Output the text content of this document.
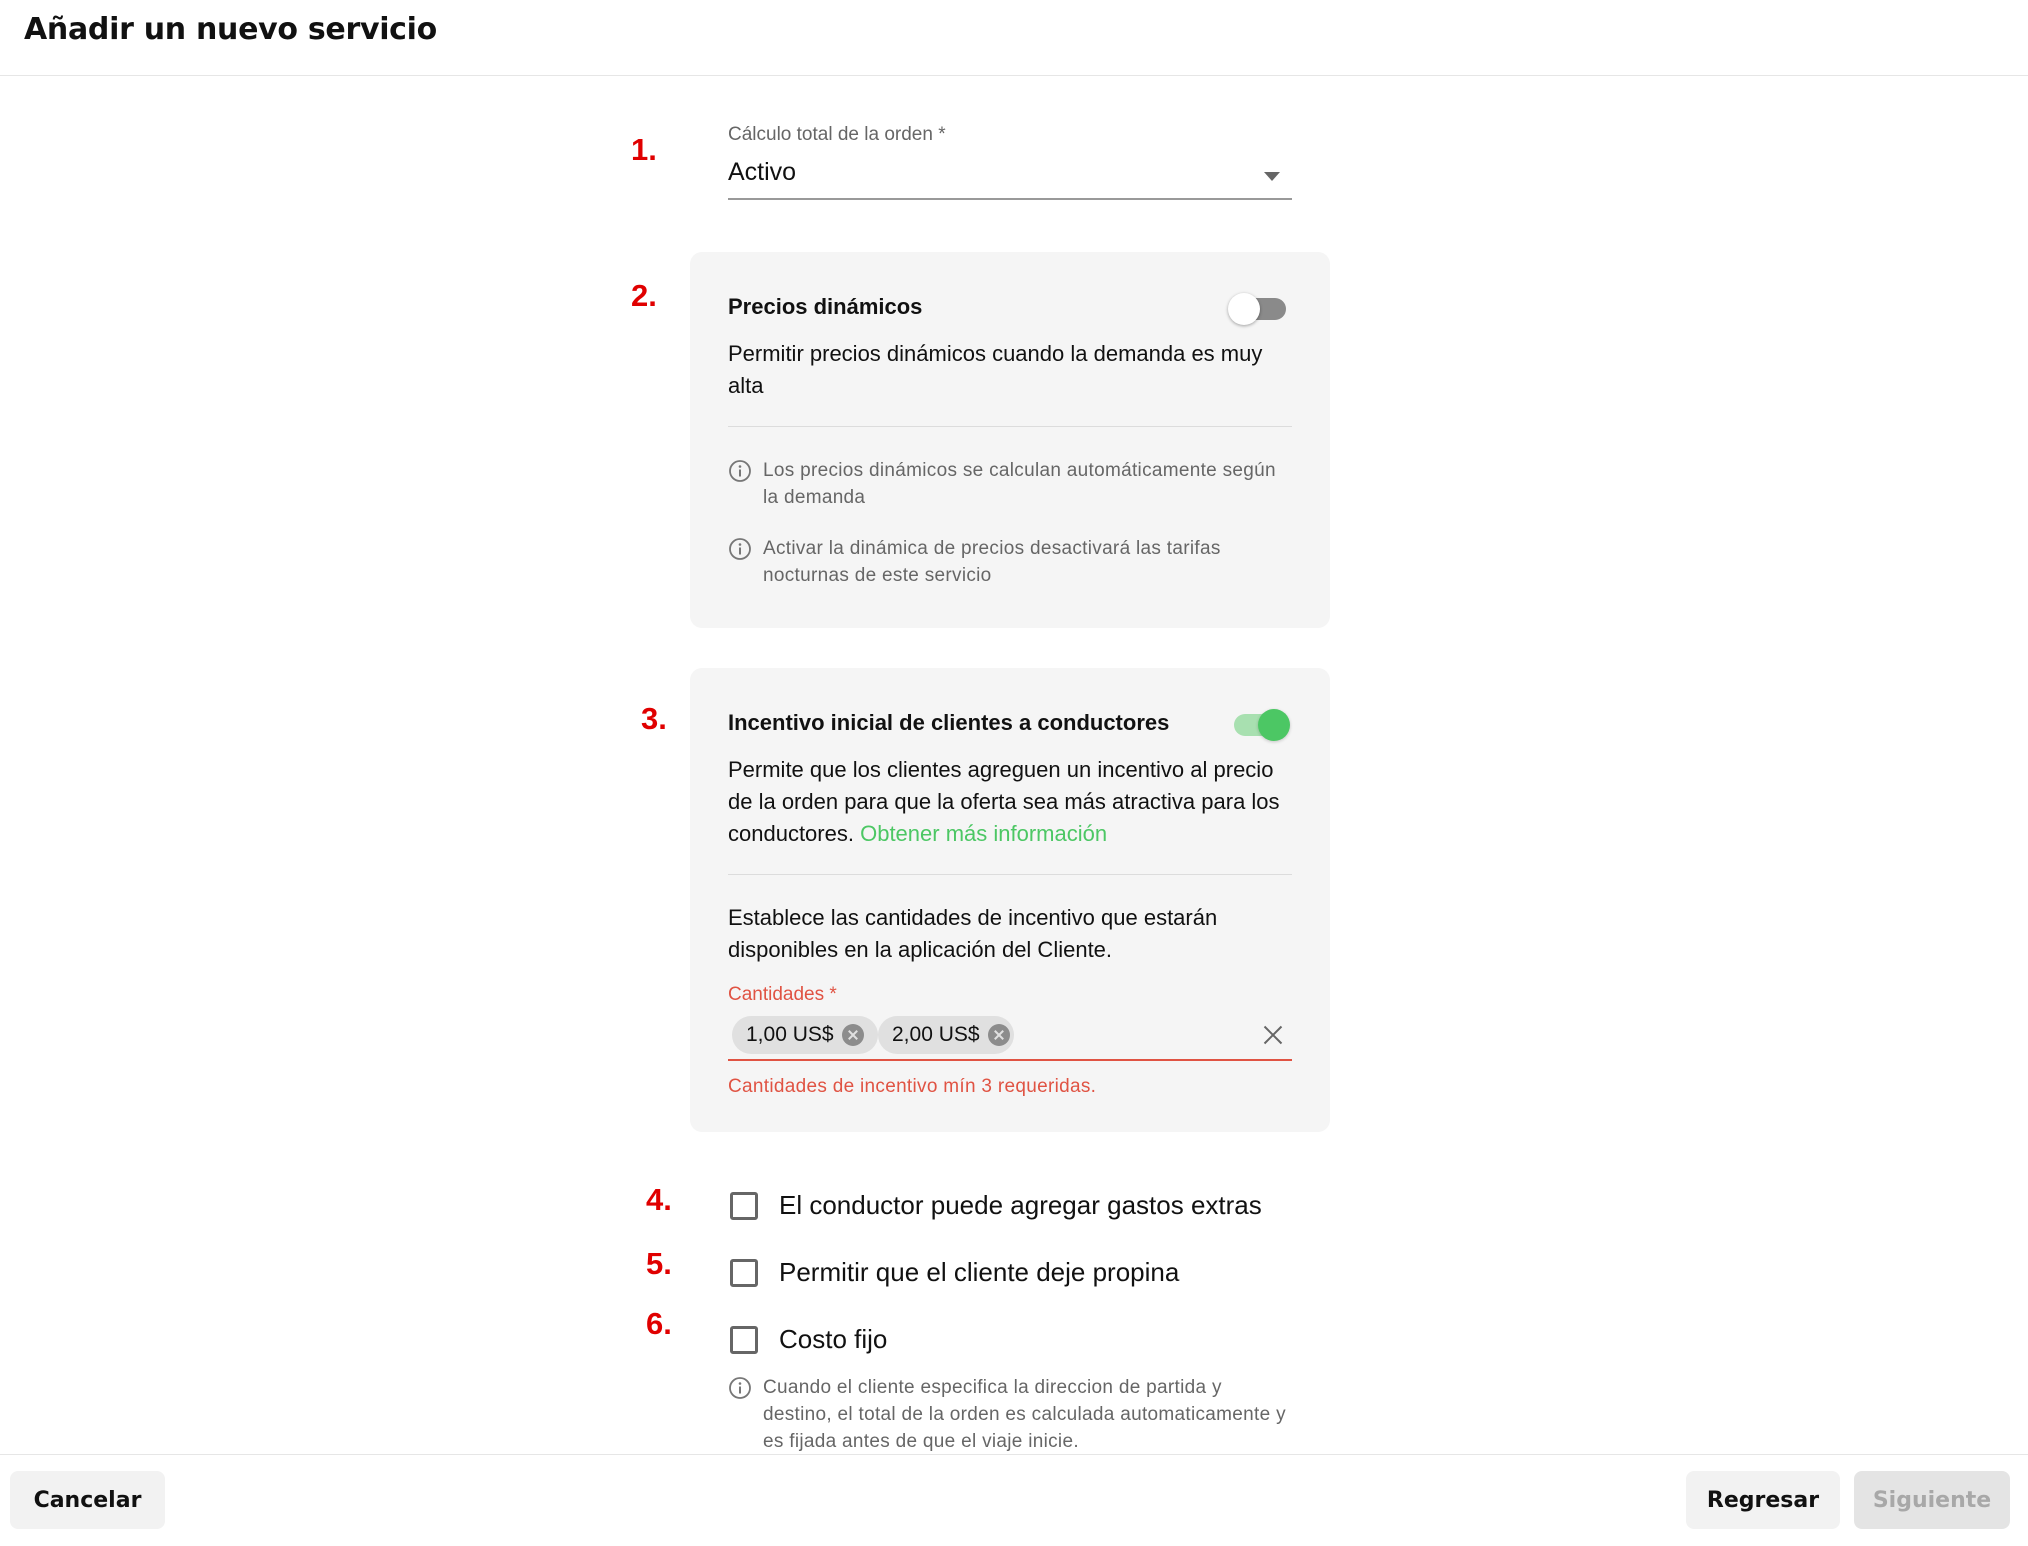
Añadir un nuevo servicio
1.
2.
3.
4.
5.
6.
Cálculo total de la orden *
Activo
Precios dinámicos
Permitir precios dinámicos cuando la demanda es muy alta
Los precios dinámicos se calculan automáticamente según la demanda
Activar la dinámica de precios desactivará las tarifas nocturnas de este servicio
Incentivo inicial de clientes a conductores
Permite que los clientes agreguen un incentivo al precio de la orden para que la oferta sea más atractiva para los conductores. Obtener más información
Establece las cantidades de incentivo que estarán disponibles en la aplicación del Cliente.
Cantidades *
1,00 US$	2,00 US$
Cantidades de incentivo mín 3 requeridas.
El conductor puede agregar gastos extras
Permitir que el cliente deje propina
Costo fijo
Cuando el cliente especifica la direccion de partida y destino, el total de la orden es calculada automaticamente y es fijada antes de que el viaje inicie.
Cancelar	Regresar	Siguiente
